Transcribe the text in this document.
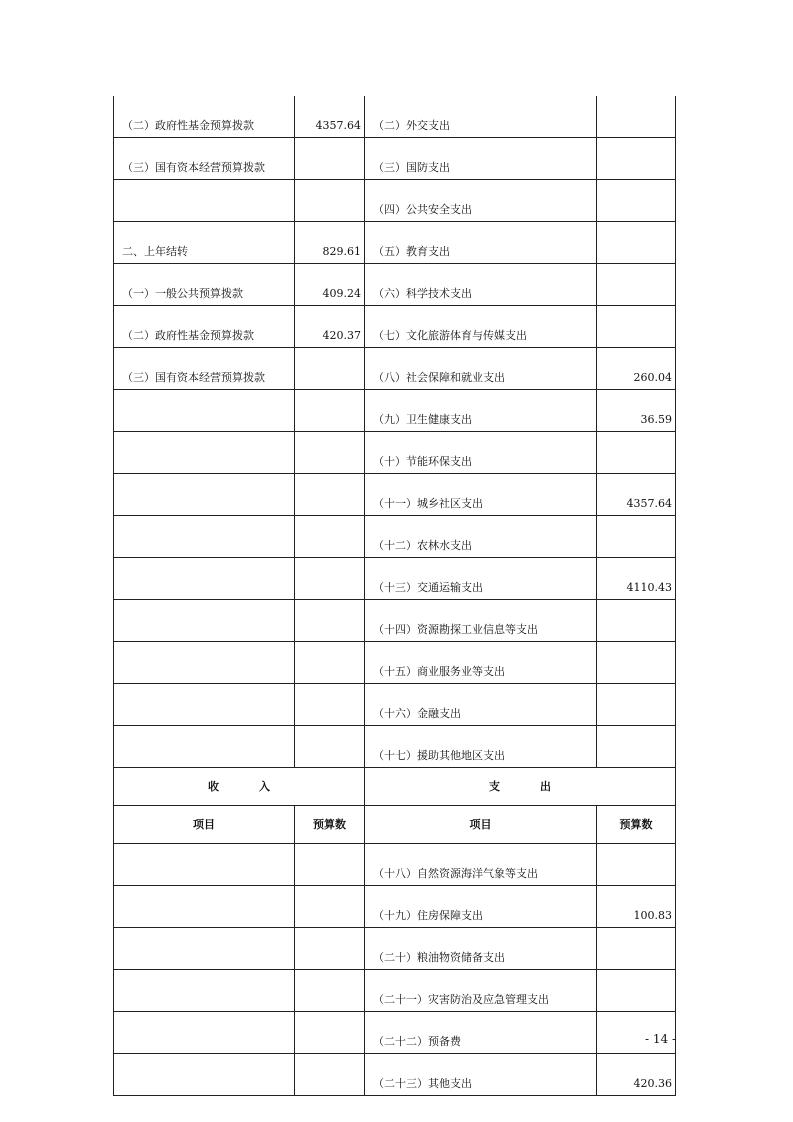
（二）政府性基金预算拨款	4357.64	（二）外交支出	
（三）国有资本经营预算拨款		（三）国防支出	
		（四）公共安全支出	
二、上年结转	829.61	（五）教育支出	
（一）一般公共预算拨款	409.24	（六）科学技术支出	
（二）政府性基金预算拨款	420.37	（七）文化旅游体育与传媒支出	
（三）国有资本经营预算拨款		（八）社会保障和就业支出	260.04
		（九）卫生健康支出	36.59
		（十）节能环保支出	
		（十一）城乡社区支出	4357.64
		（十二）农林水支出	
		（十三）交通运输支出	4110.43
		（十四）资源勘探工业信息等支出	
		（十五）商业服务业等支出	
		（十六）金融支出	
		（十七）援助其他地区支出	
收 入		支 出	
项目	预算数	项目	预算数
		（十八）自然资源海洋气象等支出	
		（十九）住房保障支出	100.83
		（二十）粮油物资储备支出	
		（二十一）灾害防治及应急管理支出	
		（二十二）预备费	
		（二十三）其他支出	420.36
- 14 -
